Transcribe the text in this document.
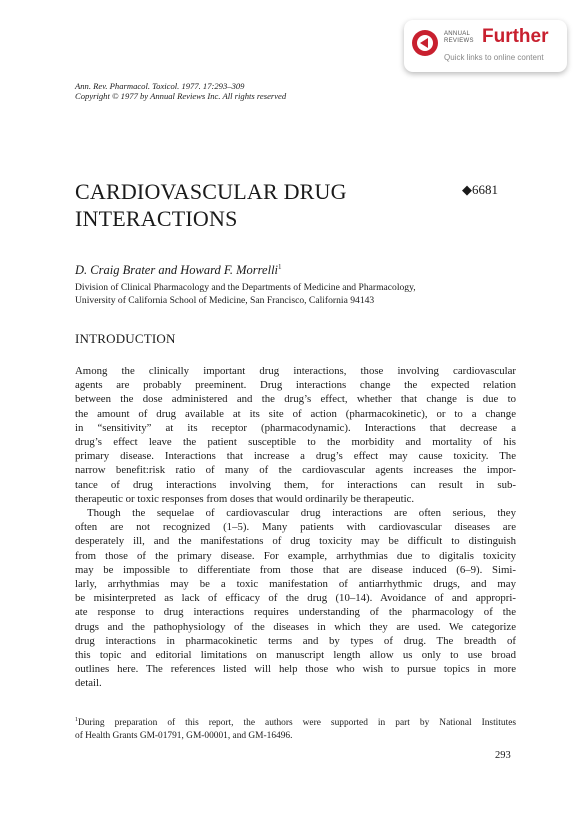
ANNUAL
REVIEWS Further
Quick links to online content
Ann. Rev. Pharmacol. Toxicol. 1977. 17:293–309
Copyright © 1977 by Annual Reviews Inc. All rights reserved
CARDIOVASCULAR DRUG
INTERACTIONS
◆6681
D. Craig Brater and Howard F. Morrelli$^1$
Division of Clinical Pharmacology and the Departments of Medicine and Pharmacology,
University of California School of Medicine, San Francisco, California 94143
INTRODUCTION
Among the clinically important drug interactions, those involving cardiovascular
agents are probably preeminent. Drug interactions change the expected relation
between the dose administered and the drug’s effect, whether that change is due to
the amount of drug available at its site of action (pharmacokinetic), or to a change
in “sensitivity” at its receptor (pharmacodynamic). Interactions that decrease a
drug’s effect leave the patient susceptible to the morbidity and mortality of his
primary disease. Interactions that increase a drug’s effect may cause toxicity. The
narrow benefit:risk ratio of many of the cardiovascular agents increases the impor-
tance of drug interactions involving them, for interactions can result in sub-
therapeutic or toxic responses from doses that would ordinarily be therapeutic.
Though the sequelae of cardiovascular drug interactions are often serious, they
often are not recognized (1–5). Many patients with cardiovascular diseases are
desperately ill, and the manifestations of drug toxicity may be difficult to distinguish
from those of the primary disease. For example, arrhythmias due to digitalis toxicity
may be impossible to differentiate from those that are disease induced (6–9). Simi-
larly, arrhythmias may be a toxic manifestation of antiarrhythmic drugs, and may
be misinterpreted as lack of efficacy of the drug (10–14). Avoidance of and appropri-
ate response to drug interactions requires understanding of the pharmacology of the
drugs and the pathophysiology of the diseases in which they are used. We categorize
drug interactions in pharmacokinetic terms and by types of drug. The breadth of
this topic and editorial limitations on manuscript length allow us only to use broad
outlines here. The references listed will help those who wish to pursue topics in more
detail.
$^1$During preparation of this report, the authors were supported in part by National Institutes
of Health Grants GM-01791, GM-00001, and GM-16496.
293
